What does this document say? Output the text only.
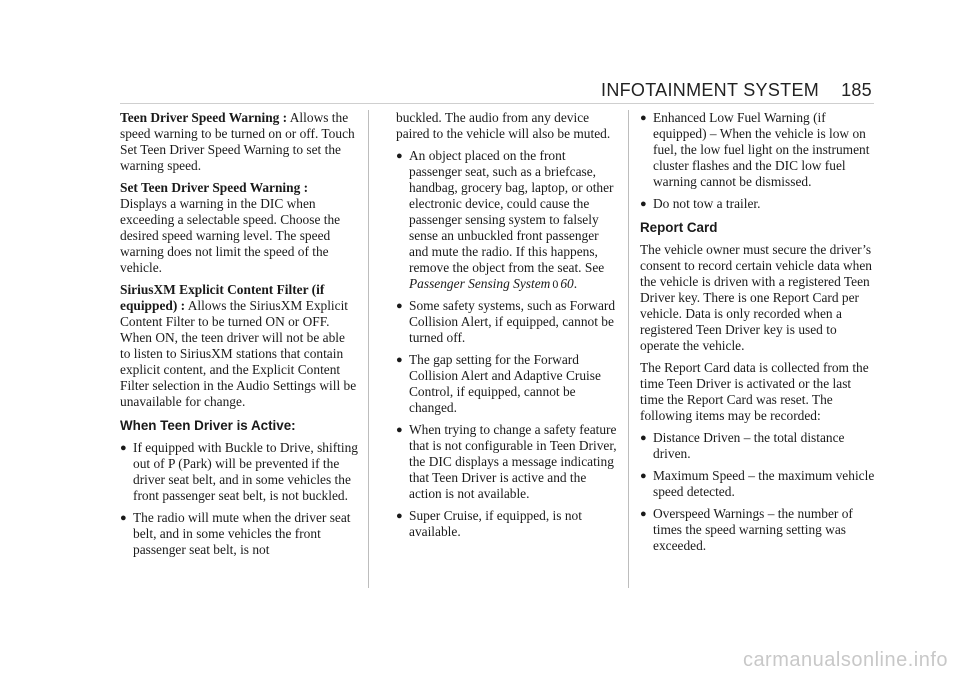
INFOTAINMENT SYSTEM 185

Teen Driver Speed Warning : Allows the speed warning to be turned on or off. Touch Set Teen Driver Speed Warning to set the warning speed.

Set Teen Driver Speed Warning : Displays a warning in the DIC when exceeding a selectable speed. Choose the desired speed warning level. The speed warning does not limit the speed of the vehicle.

SiriusXM Explicit Content Filter (if equipped) : Allows the SiriusXM Explicit Content Filter to be turned ON or OFF. When ON, the teen driver will not be able to listen to SiriusXM stations that contain explicit content, and the Explicit Content Filter selection in the Audio Settings will be unavailable for change.

When Teen Driver is Active:
● If equipped with Buckle to Drive, shifting out of P (Park) will be prevented if the driver seat belt, and in some vehicles the front passenger seat belt, is not buckled.
● The radio will mute when the driver seat belt, and in some vehicles the front passenger seat belt, is not

buckled. The audio from any device paired to the vehicle will also be muted.

● An object placed on the front passenger seat, such as a briefcase, handbag, grocery bag, laptop, or other electronic device, could cause the passenger sensing system to falsely sense an unbuckled front passenger and mute the radio. If this happens, remove the object from the seat. See Passenger Sensing System 0 60.
● Some safety systems, such as Forward Collision Alert, if equipped, cannot be turned off.
● The gap setting for the Forward Collision Alert and Adaptive Cruise Control, if equipped, cannot be changed.
● When trying to change a safety feature that is not configurable in Teen Driver, the DIC displays a message indicating that Teen Driver is active and the action is not available.
● Super Cruise, if equipped, is not available.
● Enhanced Low Fuel Warning (if equipped) – When the vehicle is low on fuel, the low fuel light on the instrument cluster flashes and the DIC low fuel warning cannot be dismissed.
● Do not tow a trailer.
Report Card

The vehicle owner must secure the driver’s consent to record certain vehicle data when the vehicle is driven with a registered Teen Driver key. There is one Report Card per vehicle. Data is only recorded when a registered Teen Driver key is used to operate the vehicle.

The Report Card data is collected from the time Teen Driver is activated or the last time the Report Card was reset. The following items may be recorded:

● Distance Driven – the total distance driven.
● Maximum Speed – the maximum vehicle speed detected.
● Overspeed Warnings – the number of times the speed warning setting was exceeded.
carmanualsonline.info
